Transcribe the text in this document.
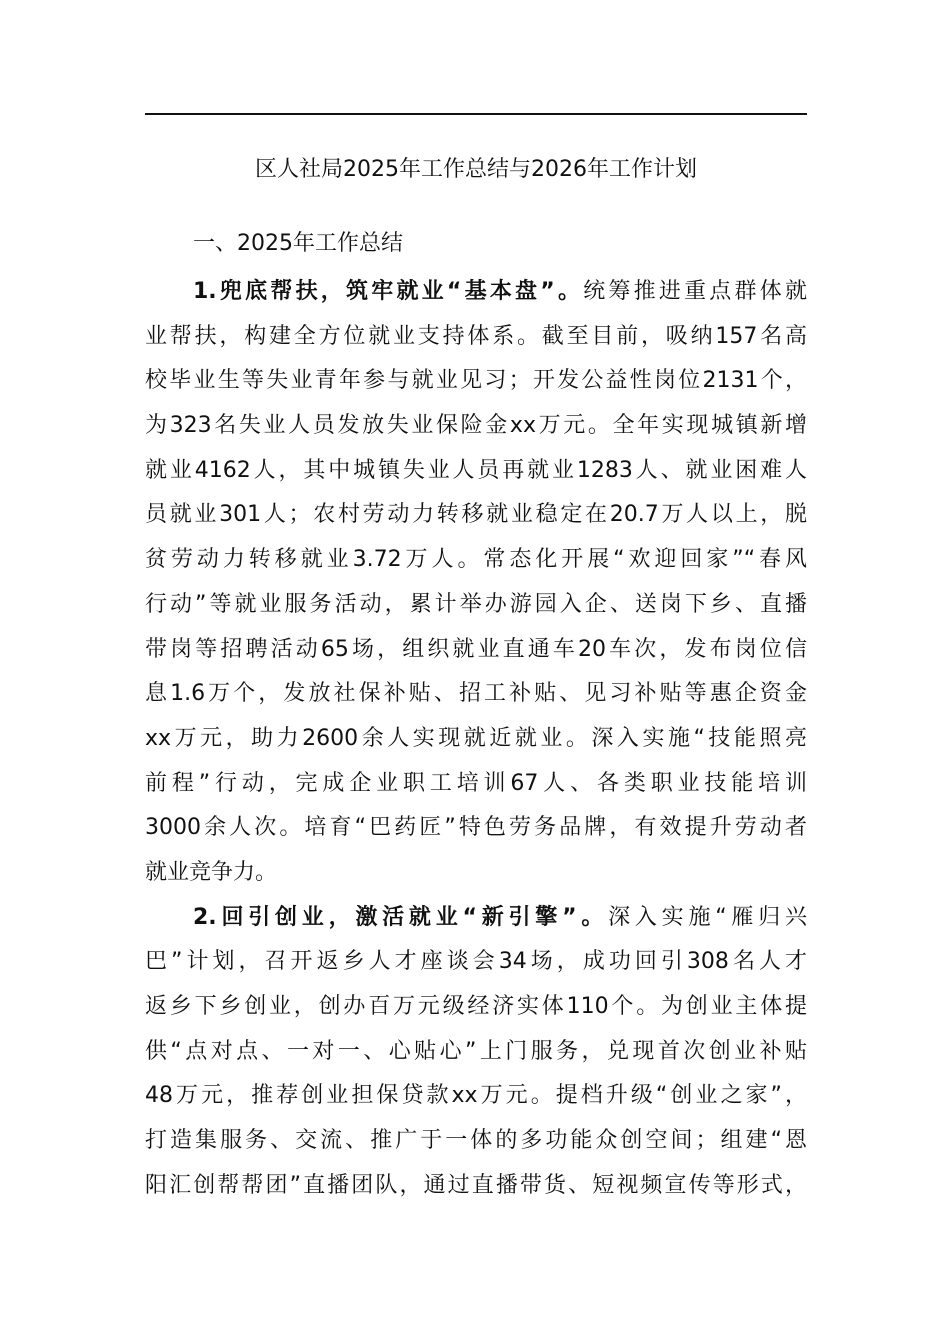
区人社局2025年工作总结与2026年工作计划
一、2025年工作总结
1.兜底帮扶，筑牢就业“基本盘”。统筹推进重点群体就
业帮扶，构建全方位就业支持体系。截至目前，吸纳157名高
校毕业生等失业青年参与就业见习；开发公益性岗位2131个，
为323名失业人员发放失业保险金xx万元。全年实现城镇新增
就业4162人，其中城镇失业人员再就业1283人、就业困难人
员就业301人；农村劳动力转移就业稳定在20.7万人以上，脱
贫劳动力转移就业3.72万人。常态化开展“欢迎回家”“春风
行动”等就业服务活动，累计举办游园入企、送岗下乡、直播
带岗等招聘活动65场，组织就业直通车20车次，发布岗位信
息1.6万个，发放社保补贴、招工补贴、见习补贴等惠企资金
xx万元，助力2600余人实现就近就业。深入实施“技能照亮
前程”行动，完成企业职工培训67人、各类职业技能培训
3000余人次。培育“巴药匠”特色劳务品牌，有效提升劳动者
就业竞争力。
2.回引创业，激活就业“新引擎”。深入实施“雁归兴
巴”计划，召开返乡人才座谈会34场，成功回引308名人才
返乡下乡创业，创办百万元级经济实体110个。为创业主体提
供“点对点、一对一、心贴心”上门服务，兑现首次创业补贴
48万元，推荐创业担保贷款xx万元。提档升级“创业之家”，
打造集服务、交流、推广于一体的多功能众创空间；组建“恩
阳汇创帮帮团”直播团队，通过直播带货、短视频宣传等形式，
